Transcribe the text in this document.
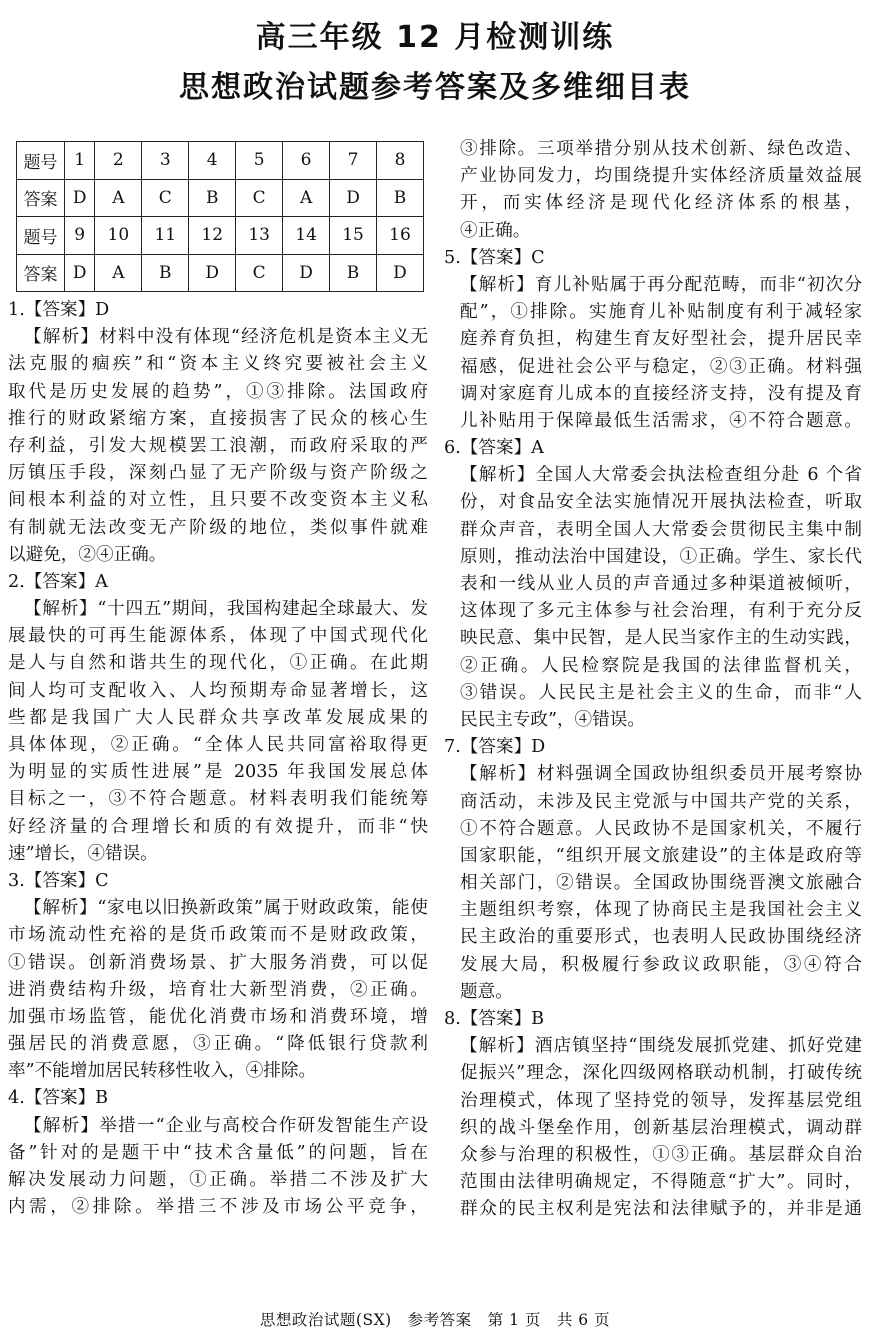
高三年级 12 月检测训练
思想政治试题参考答案及多维细目表
题号	1	2	3	4	5	6	7	8
答案	D	A	C	B	C	A	D	B
题号	9	10	11	12	13	14	15	16
答案	D	A	B	D	C	D	B	D
1.【答案】D
【解析】材料中没有体现“经济危机是资本主义无
法克服的痼疾”和“资本主义终究要被社会主义
取代是历史发展的趋势”，①③排除。法国政府
推行的财政紧缩方案，直接损害了民众的核心生
存利益，引发大规模罢工浪潮，而政府采取的严
厉镇压手段，深刻凸显了无产阶级与资产阶级之
间根本利益的对立性，且只要不改变资本主义私
有制就无法改变无产阶级的地位，类似事件就难
以避免，②④正确。
2.【答案】A
【解析】“十四五”期间，我国构建起全球最大、发
展最快的可再生能源体系，体现了中国式现代化
是人与自然和谐共生的现代化，①正确。在此期
间人均可支配收入、人均预期寿命显著增长，这
些都是我国广大人民群众共享改革发展成果的
具体体现，②正确。“全体人民共同富裕取得更
为明显的实质性进展”是 2035 年我国发展总体
目标之一，③不符合题意。材料表明我们能统筹
好经济量的合理增长和质的有效提升，而非“快
速”增长，④错误。
3.【答案】C
【解析】“家电以旧换新政策”属于财政政策，能使
市场流动性充裕的是货币政策而不是财政政策，
①错误。创新消费场景、扩大服务消费，可以促
进消费结构升级，培育壮大新型消费，②正确。
加强市场监管，能优化消费市场和消费环境，增
强居民的消费意愿，③正确。“降低银行贷款利
率”不能增加居民转移性收入，④排除。
4.【答案】B
【解析】举措一“企业与高校合作研发智能生产设
备”针对的是题干中“技术含量低”的问题，旨在
解决发展动力问题，①正确。举措二不涉及扩大
内需，②排除。举措三不涉及市场公平竞争，
③排除。三项举措分别从技术创新、绿色改造、
产业协同发力，均围绕提升实体经济质量效益展
开，而实体经济是现代化经济体系的根基，
④正确。
5.【答案】C
【解析】育儿补贴属于再分配范畴，而非“初次分
配”，①排除。实施育儿补贴制度有利于减轻家
庭养育负担，构建生育友好型社会，提升居民幸
福感，促进社会公平与稳定，②③正确。材料强
调对家庭育儿成本的直接经济支持，没有提及育
儿补贴用于保障最低生活需求，④不符合题意。
6.【答案】A
【解析】全国人大常委会执法检查组分赴 6 个省
份，对食品安全法实施情况开展执法检查，听取
群众声音，表明全国人大常委会贯彻民主集中制
原则，推动法治中国建设，①正确。学生、家长代
表和一线从业人员的声音通过多种渠道被倾听，
这体现了多元主体参与社会治理，有利于充分反
映民意、集中民智，是人民当家作主的生动实践，
②正确。人民检察院是我国的法律监督机关，
③错误。人民民主是社会主义的生命，而非“人
民民主专政”，④错误。
7.【答案】D
【解析】材料强调全国政协组织委员开展考察协
商活动，未涉及民主党派与中国共产党的关系，
①不符合题意。人民政协不是国家机关，不履行
国家职能，“组织开展文旅建设”的主体是政府等
相关部门，②错误。全国政协围绕晋澳文旅融合
主题组织考察，体现了协商民主是我国社会主义
民主政治的重要形式，也表明人民政协围绕经济
发展大局，积极履行参政议政职能，③④符合
题意。
8.【答案】B
【解析】酒店镇坚持“围绕发展抓党建、抓好党建
促振兴”理念，深化四级网格联动机制，打破传统
治理模式，体现了坚持党的领导，发挥基层党组
织的战斗堡垒作用，创新基层治理模式，调动群
众参与治理的积极性，①③正确。基层群众自治
范围由法律明确规定，不得随意“扩大”。同时，
群众的民主权利是宪法和法律赋予的，并非是通
思想政治试题(SX)　参考答案　第 1 页　共 6 页
